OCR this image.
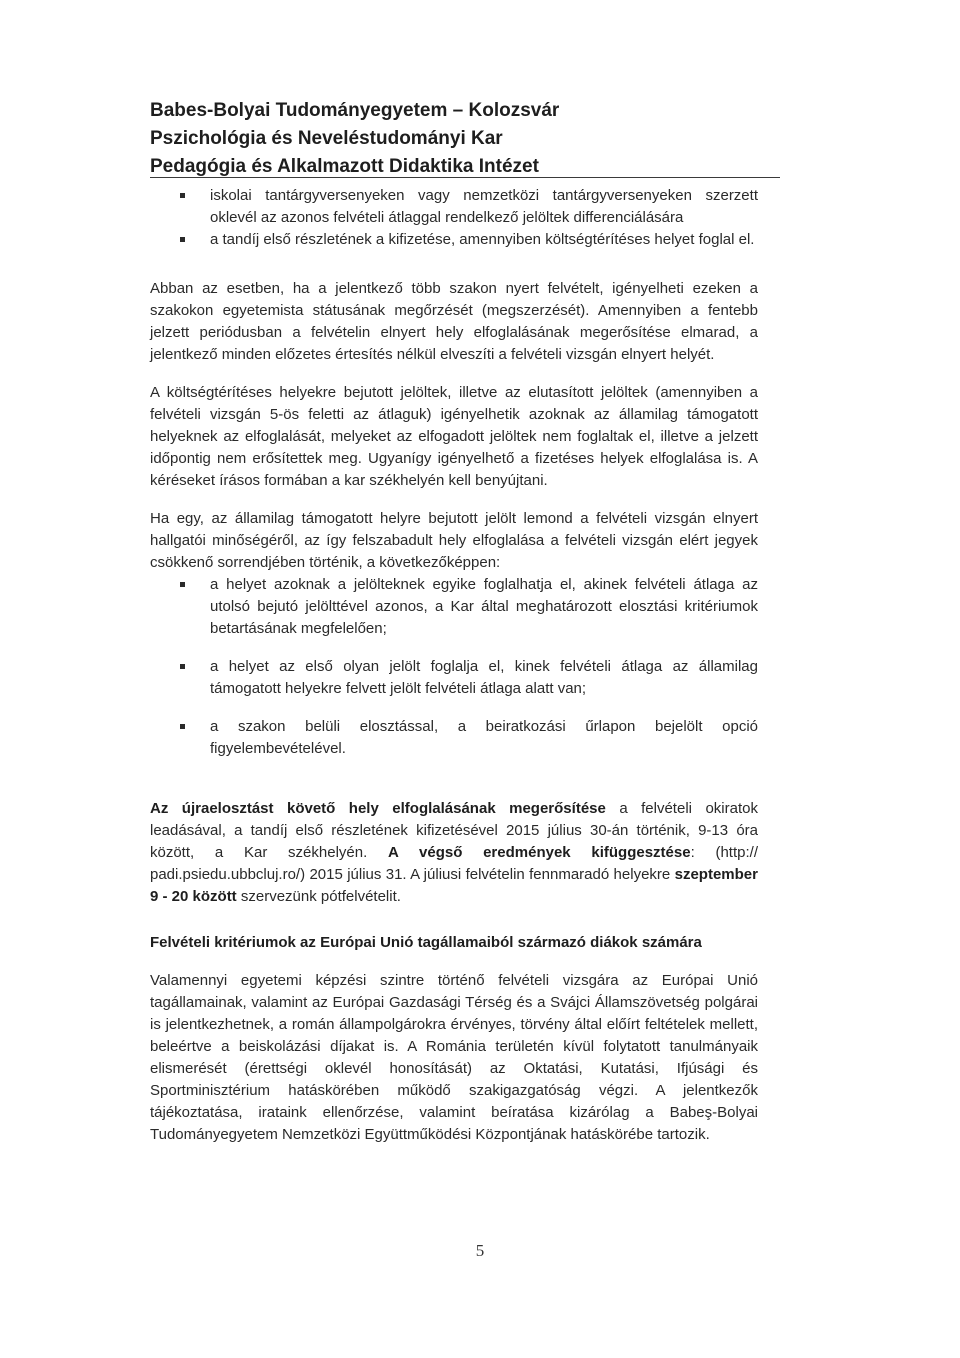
Babes-Bolyai Tudományegyetem – Kolozsvár
Pszichológia és Neveléstudományi Kar
Pedagógia és Alkalmazott Didaktika Intézet
iskolai tantárgyversenyeken vagy nemzetközi tantárgyversenyeken szerzett oklevél az azonos felvételi átlaggal rendelkező jelöltek differenciálására
a tandíj első részletének a kifizetése, amennyiben költségtérítéses helyet foglal el.

Abban az esetben, ha a jelentkező több szakon nyert felvételt, igényelheti ezeken a szakokon egyetemista státusának megőrzését (megszerzését). Amennyiben a fentebb jelzett periódusban a felvételin elnyert hely elfoglalásának megerősítése elmarad, a jelentkező minden előzetes értesítés nélkül elveszíti a felvételi vizsgán elnyert helyét.

A költségtérítéses helyekre bejutott jelöltek, illetve az elutasított jelöltek (amennyiben a felvételi vizsgán 5-ös feletti az átlaguk) igényelhetik azoknak az államilag támogatott helyeknek az elfoglalását, melyeket az elfogadott jelöltek nem foglaltak el, illetve a jelzett időpontig nem erősítettek meg. Ugyanígy igényelhető a fizetéses helyek elfoglalása is. A kéréseket írásos formában a kar székhelyén kell benyújtani.

Ha egy, az államilag támogatott helyre bejutott jelölt lemond a felvételi vizsgán elnyert hallgatói minőségéről, az így felszabadult hely elfoglalása a felvételi vizsgán elért jegyek csökkenő sorrendjében történik, a következőképpen:

a helyet azoknak a jelölteknek egyike foglalhatja el, akinek felvételi átlaga az utolsó bejutó jelölttével azonos, a Kar által meghatározott elosztási kritériumok betartásának megfelelően;
a helyet az első olyan jelölt foglalja el, kinek felvételi átlaga az államilag támogatott helyekre felvett jelölt felvételi átlaga alatt van;
a szakon belüli elosztással, a beiratkozási űrlapon bejelölt opció figyelembevételével.

Az újraelosztást követő hely elfoglalásának megerősítése a felvételi okiratok leadásával, a tandíj első részletének kifizetésével 2015 július 30-án történik, 9-13 óra között, a Kar székhelyén. A végső eredmények kifüggesztése: (http:// padi.psiedu.ubbcluj.ro/) 2015 július 31. A júliusi felvételin fennmaradó helyekre szeptember 9 - 20 között szervezünk pótfelvételit.

Felvételi kritériumok az Európai Unió tagállamaiból származó diákok számára

Valamennyi egyetemi képzési szintre történő felvételi vizsgára az Európai Unió tagállamainak, valamint az Európai Gazdasági Térség és a Svájci Államszövetség polgárai is jelentkezhetnek, a román állampolgárokra érvényes, törvény által előírt feltételek mellett, beleértve a beiskolázási díjakat is. A Románia területén kívül folytatott tanulmányaik elismerését (érettségi oklevél honosítását) az Oktatási, Kutatási, Ifjúsági és Sportminisztérium hatáskörében működő szakigazgatóság végzi. A jelentkezők tájékoztatása, irataink ellenőrzése, valamint beíratása kizárólag a Babeş-Bolyai Tudományegyetem Nemzetközi Együttműködési Központjának hatáskörébe tartozik.

5
